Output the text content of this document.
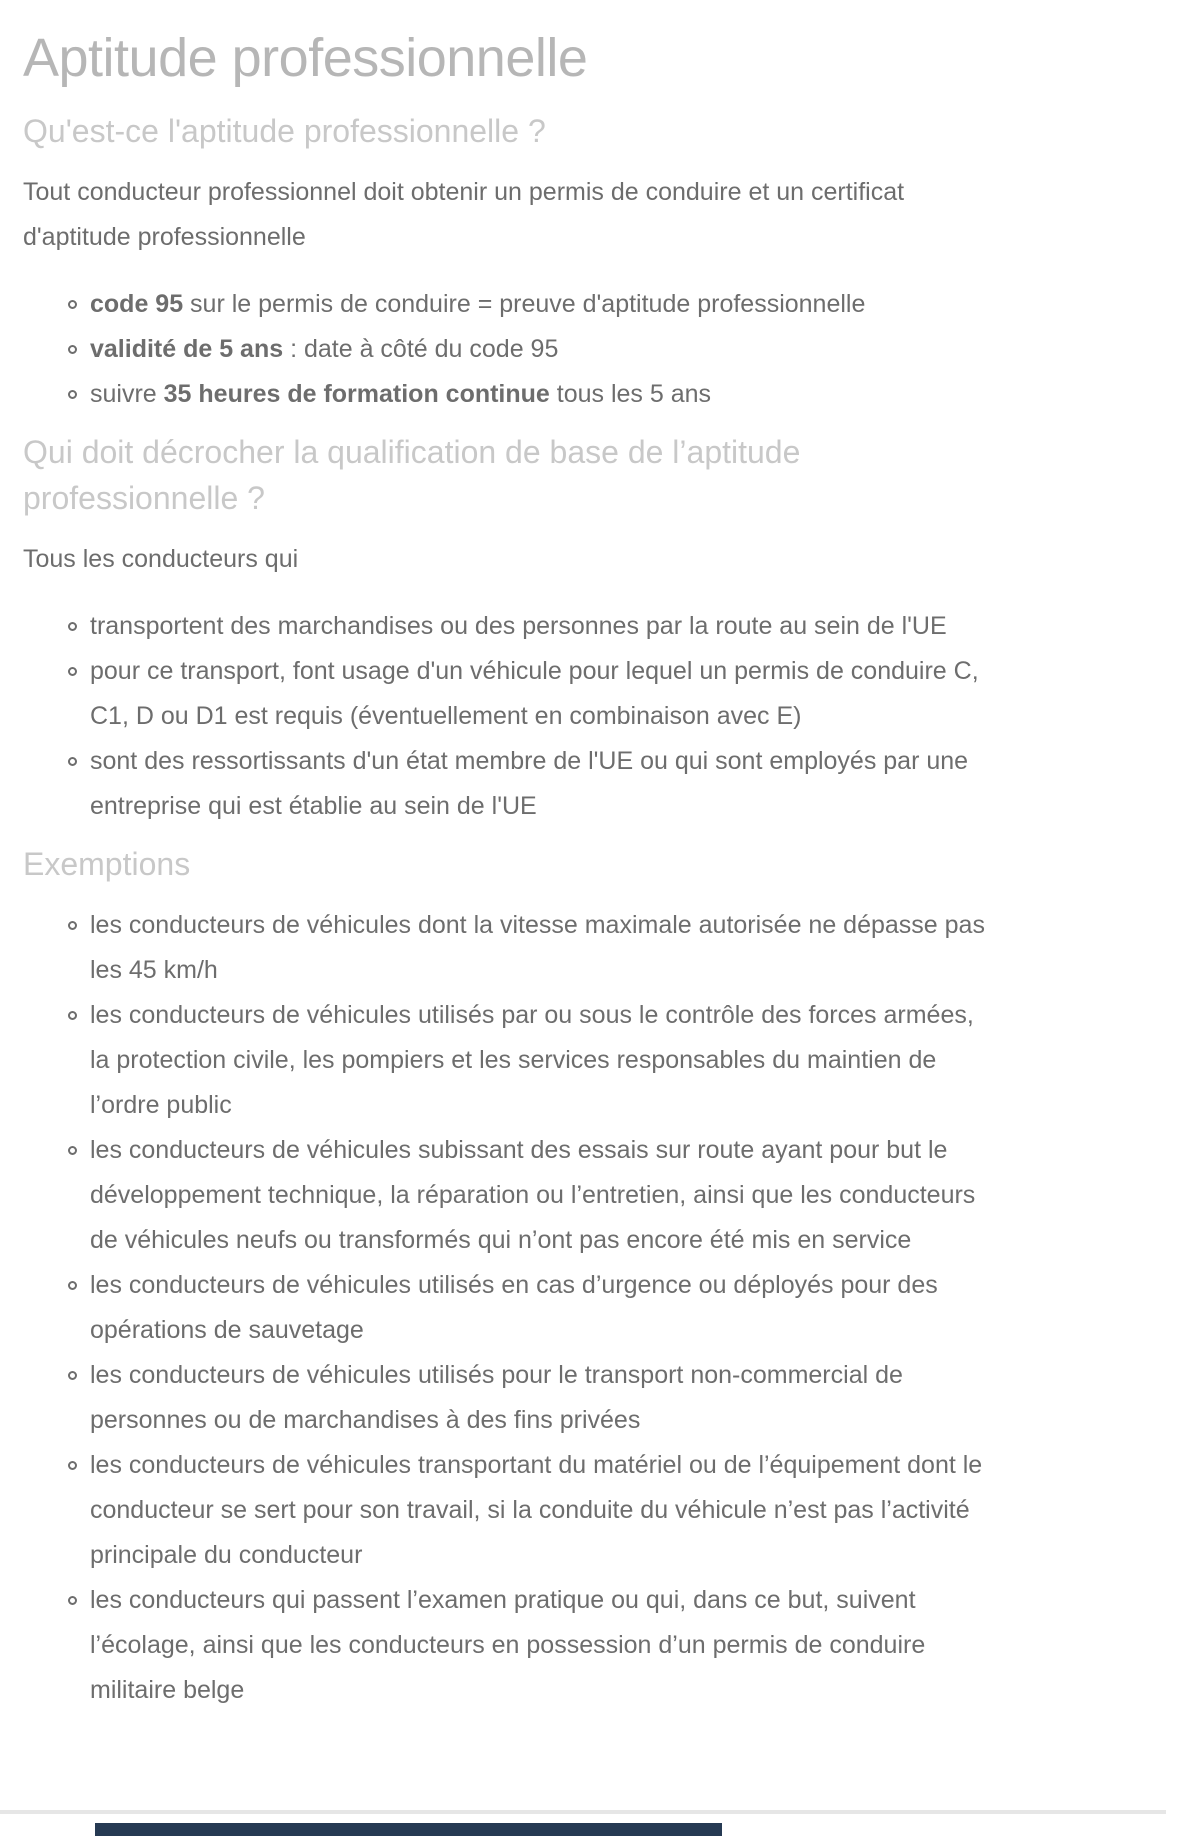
Aptitude professionnelle
Qu'est-ce l'aptitude professionnelle ?

Tout conducteur professionnel doit obtenir un permis de conduire et un certificat d'aptitude professionnelle

code 95 sur le permis de conduire = preuve d'aptitude professionnelle
validité de 5 ans : date à côté du code 95
suivre 35 heures de formation continue tous les 5 ans
Qui doit décrocher la qualification de base de l’aptitude professionnelle ?

Tous les conducteurs qui

transportent des marchandises ou des personnes par la route au sein de l'UE
pour ce transport, font usage d'un véhicule pour lequel un permis de conduire C, C1, D ou D1 est requis (éventuellement en combinaison avec E)
sont des ressortissants d'un état membre de l'UE ou qui sont employés par une entreprise qui est établie au sein de l'UE
Exemptions
les conducteurs de véhicules dont la vitesse maximale autorisée ne dépasse pas les 45 km/h
les conducteurs de véhicules utilisés par ou sous le contrôle des forces armées, la protection civile, les pompiers et les services responsables du maintien de l’ordre public
les conducteurs de véhicules subissant des essais sur route ayant pour but le développement technique, la réparation ou l’entretien, ainsi que les conducteurs de véhicules neufs ou transformés qui n’ont pas encore été mis en service
les conducteurs de véhicules utilisés en cas d’urgence ou déployés pour des opérations de sauvetage
les conducteurs de véhicules utilisés pour le transport non-commercial de personnes ou de marchandises à des fins privées
les conducteurs de véhicules transportant du matériel ou de l’équipement dont le conducteur se sert pour son travail, si la conduite du véhicule n’est pas l’activité principale du conducteur
les conducteurs qui passent l’examen pratique ou qui, dans ce but, suivent l’écolage, ainsi que les conducteurs en possession d’un permis de conduire militaire belge
